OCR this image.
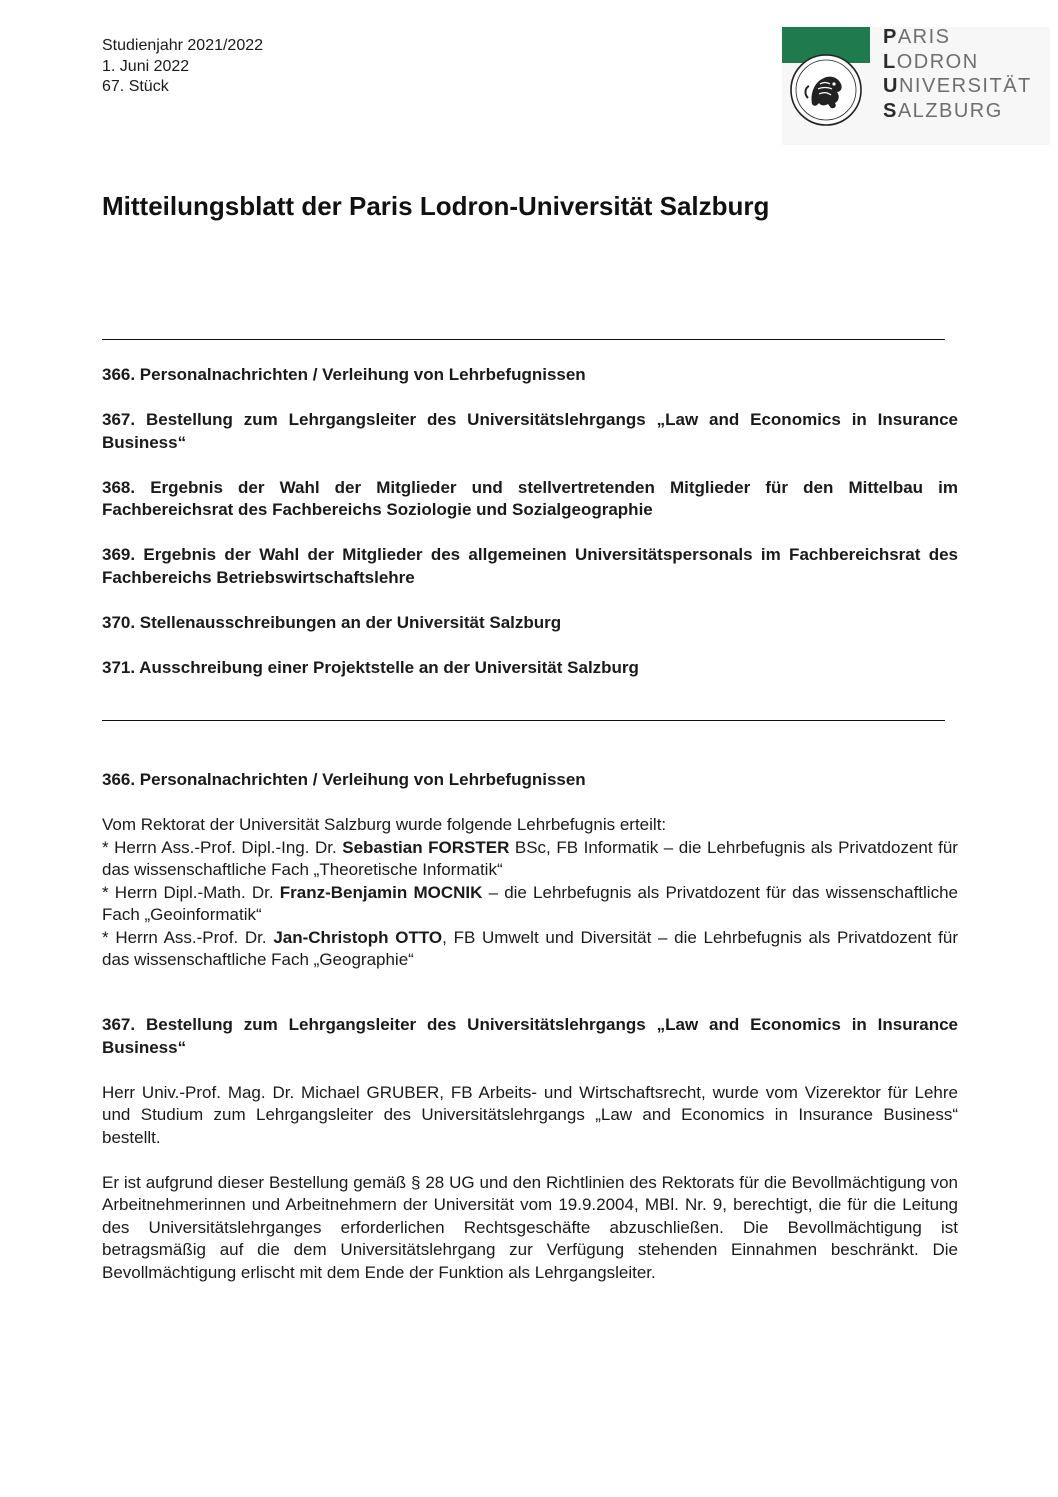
Studienjahr 2021/2022
1. Juni 2022
67. Stück
PARIS
LODRON
UNIVERSITÄT
SALZBURG
Mitteilungsblatt der Paris Lodron-Universität Salzburg
366. Personalnachrichten / Verleihung von Lehrbefugnissen
367. Bestellung zum Lehrgangsleiter des Universitätslehrgangs „Law and Economics in Insurance Business“
368. Ergebnis der Wahl der Mitglieder und stellvertretenden Mitglieder für den Mittelbau im Fachbereichsrat des Fachbereichs Soziologie und Sozialgeographie
369. Ergebnis der Wahl der Mitglieder des allgemeinen Universitätspersonals im Fachbereichsrat des Fachbereichs Betriebswirtschaftslehre
370. Stellenausschreibungen an der Universität Salzburg
371. Ausschreibung einer Projektstelle an der Universität Salzburg
366. Personalnachrichten / Verleihung von Lehrbefugnissen
Vom Rektorat der Universität Salzburg wurde folgende Lehrbefugnis erteilt:
* Herrn Ass.-Prof. Dipl.-Ing. Dr. Sebastian FORSTER BSc, FB Informatik – die Lehrbefugnis als Privatdozent für das wissenschaftliche Fach „Theoretische Informatik“
* Herrn Dipl.-Math. Dr. Franz-Benjamin MOCNIK – die Lehrbefugnis als Privatdozent für das wissenschaftliche Fach „Geoinformatik“
* Herrn Ass.-Prof. Dr. Jan-Christoph OTTO, FB Umwelt und Diversität – die Lehrbefugnis als Privatdozent für das wissenschaftliche Fach „Geographie“
367. Bestellung zum Lehrgangsleiter des Universitätslehrgangs „Law and Economics in Insurance Business“
Herr Univ.-Prof. Mag. Dr. Michael GRUBER, FB Arbeits- und Wirtschaftsrecht, wurde vom Vizerektor für Lehre und Studium zum Lehrgangsleiter des Universitätslehrgangs „Law and Economics in Insurance Business“ bestellt.
Er ist aufgrund dieser Bestellung gemäß § 28 UG und den Richtlinien des Rektorats für die Bevollmächtigung von Arbeitnehmerinnen und Arbeitnehmern der Universität vom 19.9.2004, MBl. Nr. 9, berechtigt, die für die Leitung des Universitätslehrganges erforderlichen Rechtsgeschäfte abzuschließen. Die Bevollmächtigung ist betragsmäßig auf die dem Universitätslehrgang zur Verfügung stehenden Einnahmen beschränkt. Die Bevollmächtigung erlischt mit dem Ende der Funktion als Lehrgangsleiter.
